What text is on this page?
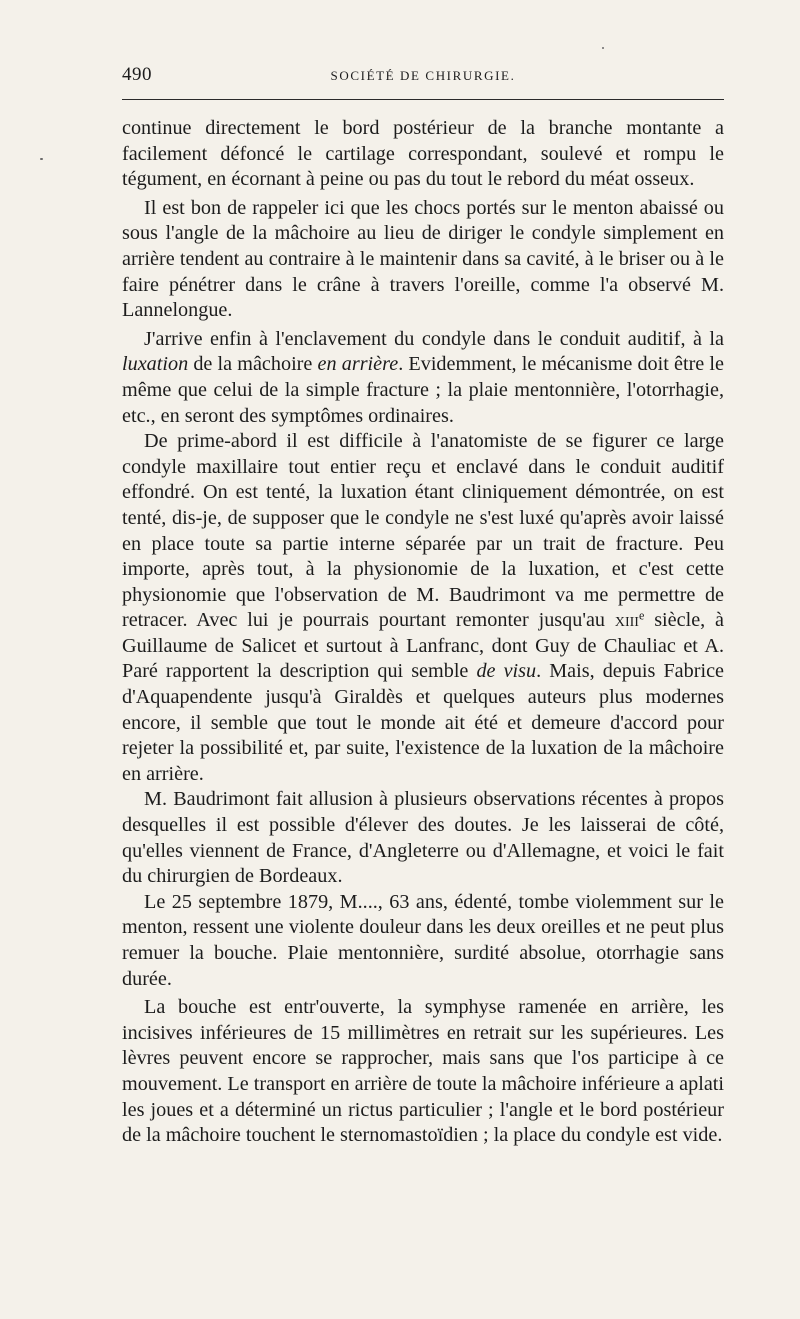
490	SOCIÉTÉ DE CHIRURGIE.

continue directement le bord postérieur de la branche montante a facilement défoncé le cartilage correspondant, soulevé et rompu le tégument, en écornant à peine ou pas du tout le rebord du méat osseux.

Il est bon de rappeler ici que les chocs portés sur le menton abaissé ou sous l'angle de la mâchoire au lieu de diriger le condyle simplement en arrière tendent au contraire à le maintenir dans sa cavité, à le briser ou à le faire pénétrer dans le crâne à travers l'oreille, comme l'a observé M. Lannelongue.

J'arrive enfin à l'enclavement du condyle dans le conduit auditif, à la luxation de la mâchoire en arrière. Evidemment, le mécanisme doit être le même que celui de la simple fracture ; la plaie mentonnière, l'otorrhagie, etc., en seront des symptômes ordinaires.

De prime-abord il est difficile à l'anatomiste de se figurer ce large condyle maxillaire tout entier reçu et enclavé dans le conduit auditif effondré. On est tenté, la luxation étant cliniquement démontrée, on est tenté, dis-je, de supposer que le condyle ne s'est luxé qu'après avoir laissé en place toute sa partie interne séparée par un trait de fracture. Peu importe, après tout, à la physionomie de la luxation, et c'est cette physionomie que l'observation de M. Baudrimont va me permettre de retracer. Avec lui je pourrais pourtant remonter jusqu'au xiii$^e$ siècle, à Guillaume de Salicet et surtout à Lanfranc, dont Guy de Chauliac et A. Paré rapportent la description qui semble de visu. Mais, depuis Fabrice d'Aquapendente jusqu'à Giraldès et quelques auteurs plus modernes encore, il semble que tout le monde ait été et demeure d'accord pour rejeter la possibilité et, par suite, l'existence de la luxation de la mâchoire en arrière.

M. Baudrimont fait allusion à plusieurs observations récentes à propos desquelles il est possible d'élever des doutes. Je les laisserai de côté, qu'elles viennent de France, d'Angleterre ou d'Allemagne, et voici le fait du chirurgien de Bordeaux.

Le 25 septembre 1879, M...., 63 ans, édenté, tombe violemment sur le menton, ressent une violente douleur dans les deux oreilles et ne peut plus remuer la bouche. Plaie mentonnière, surdité absolue, otorrhagie sans durée.

La bouche est entr'ouverte, la symphyse ramenée en arrière, les incisives inférieures de 15 millimètres en retrait sur les supérieures. Les lèvres peuvent encore se rapprocher, mais sans que l'os participe à ce mouvement. Le transport en arrière de toute la mâchoire inférieure a aplati les joues et a déterminé un rictus particulier ; l'angle et le bord postérieur de la mâchoire touchent le sternomastoïdien ; la place du condyle est vide.
